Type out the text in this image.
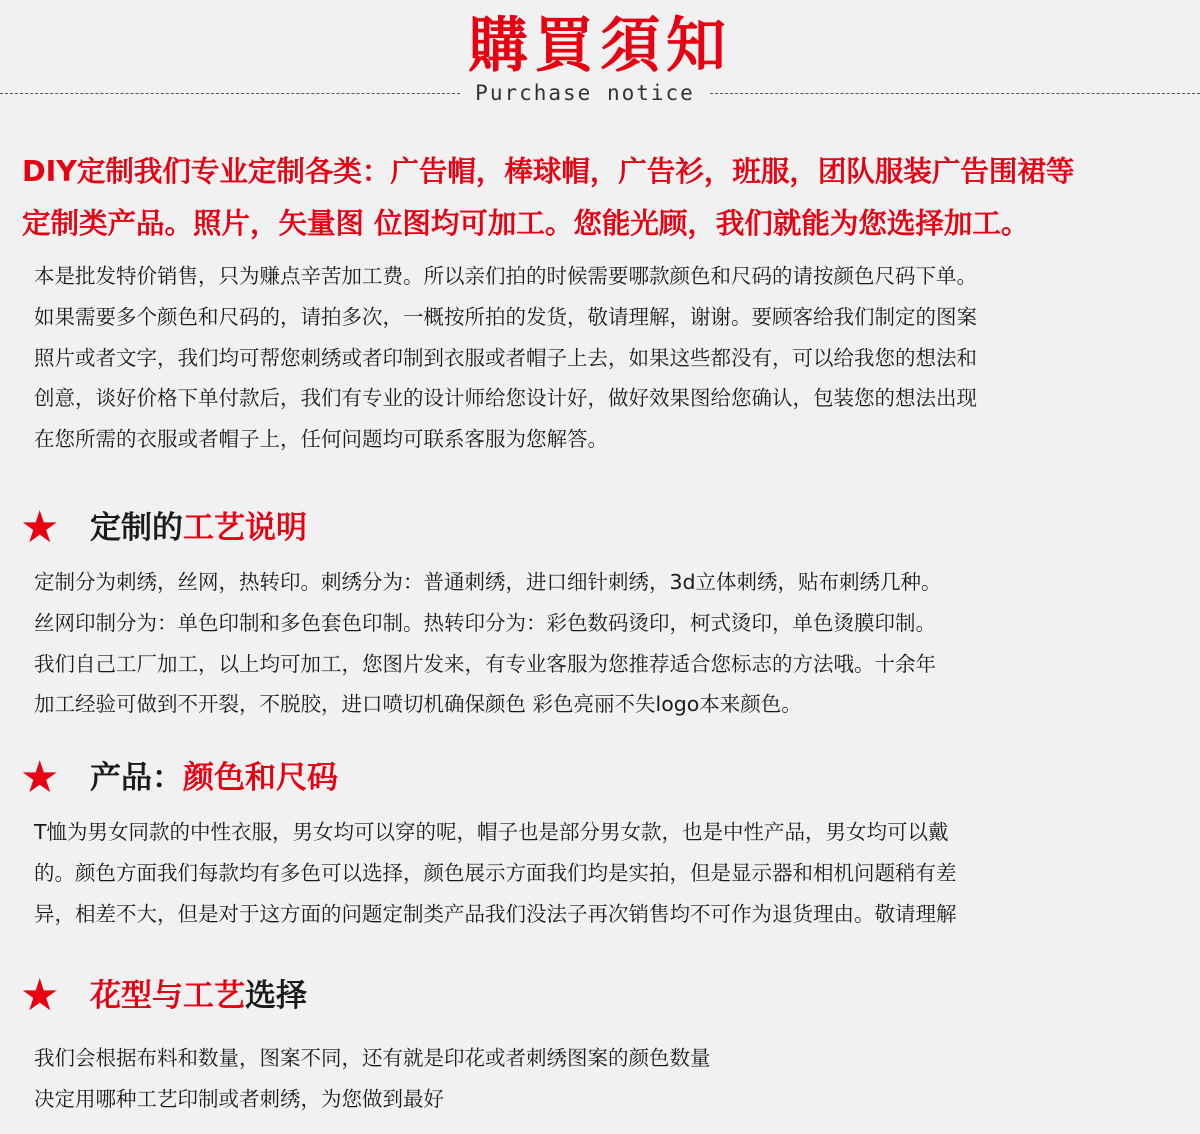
購買須知
Purchase notice

DIY定制我们专业定制各类：广告帽，棒球帽，广告衫，班服，团队服装广告围裙等
定制类产品。照片，矢量图 位图均可加工。您能光顾，我们就能为您选择加工。

本是批发特价销售，只为赚点辛苦加工费。所以亲们拍的时候需要哪款颜色和尺码的请按颜色尺码下单。
如果需要多个颜色和尺码的，请拍多次，一概按所拍的发货，敬请理解，谢谢。要顾客给我们制定的图案
照片或者文字，我们均可帮您刺绣或者印制到衣服或者帽子上去，如果这些都没有，可以给我您的想法和
创意，谈好价格下单付款后，我们有专业的设计师给您设计好，做好效果图给您确认，包装您的想法出现
在您所需的衣服或者帽子上，任何问题均可联系客服为您解答。

★ 定制的工艺说明

定制分为刺绣，丝网，热转印。刺绣分为：普通刺绣，进口细针刺绣，3d立体刺绣，贴布刺绣几种。
丝网印制分为：单色印制和多色套色印制。热转印分为：彩色数码烫印，柯式烫印，单色烫膜印制。
我们自己工厂加工，以上均可加工，您图片发来，有专业客服为您推荐适合您标志的方法哦。十余年
加工经验可做到不开裂，不脱胶，进口喷切机确保颜色 彩色亮丽不失logo本来颜色。

★ 产品：颜色和尺码

T恤为男女同款的中性衣服，男女均可以穿的呢，帽子也是部分男女款，也是中性产品，男女均可以戴
的。颜色方面我们每款均有多色可以选择，颜色展示方面我们均是实拍，但是显示器和相机问题稍有差
异，相差不大，但是对于这方面的问题定制类产品我们没法子再次销售均不可作为退货理由。敬请理解

★ 花型与工艺选择

我们会根据布料和数量，图案不同，还有就是印花或者刺绣图案的颜色数量
决定用哪种工艺印制或者刺绣，为您做到最好
